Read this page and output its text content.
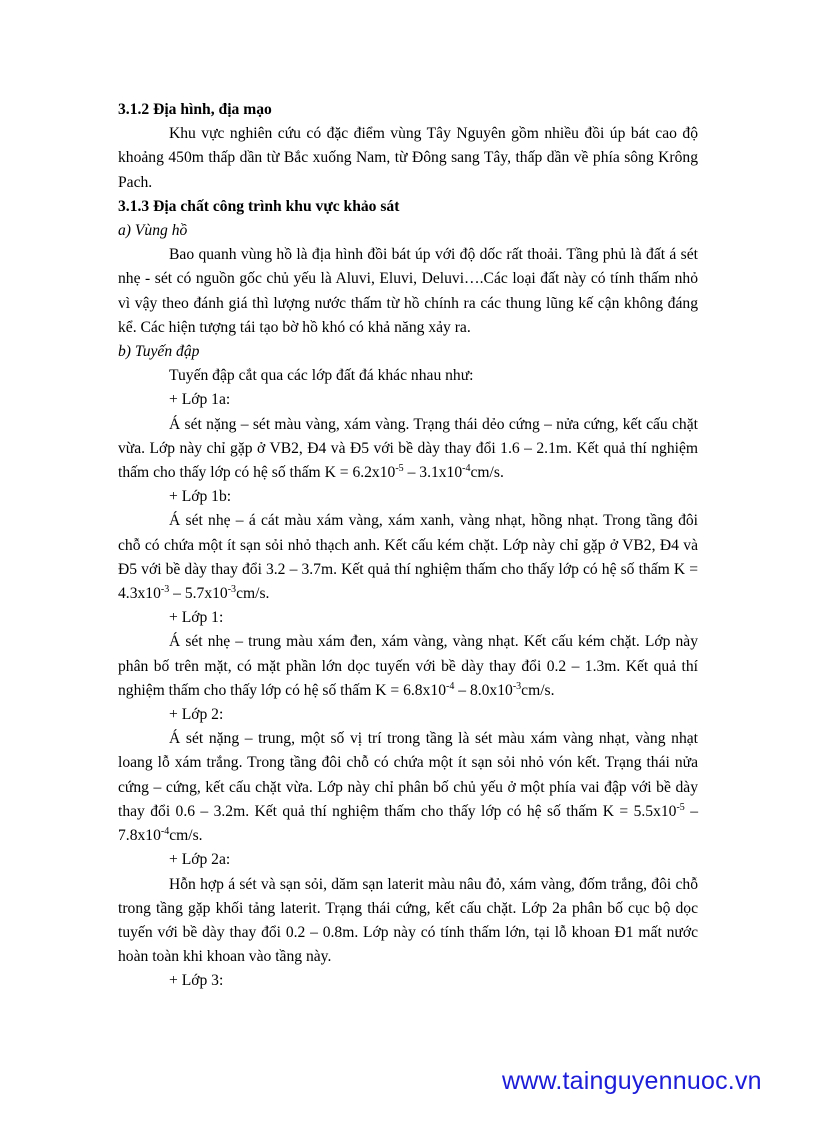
3.1.2 Địa hình, địa mạo

Khu vực nghiên cứu có đặc điểm vùng Tây Nguyên gồm nhiều đồi úp bát cao độ khoảng 450m thấp dần từ Bắc xuống Nam, từ Đông sang Tây, thấp dần về phía sông Krông Pach.

3.1.3 Địa chất công trình khu vực khảo sát

a) Vùng hồ

Bao quanh vùng hồ là địa hình đồi bát úp với độ dốc rất thoải. Tầng phủ là đất á sét nhẹ - sét có nguồn gốc chủ yếu là Aluvi, Eluvi, Deluvi….Các loại đất này có tính thấm nhỏ vì vậy theo đánh giá thì lượng nước thấm từ hồ chính ra các thung lũng kế cận không đáng kể. Các hiện tượng tái tạo bờ hồ khó có khả năng xảy ra.

b) Tuyến đập

Tuyến đập cắt qua các lớp đất đá khác nhau như:

+ Lớp 1a:

Á sét nặng – sét màu vàng, xám vàng. Trạng thái dẻo cứng – nửa cứng, kết cấu chặt vừa. Lớp này chỉ gặp ở VB2, Đ4 và Đ5 với bề dày thay đổi 1.6 – 2.1m. Kết quả thí nghiệm thấm cho thấy lớp có hệ số thấm $K = 6.2x10^{-5} - 3.1x10^{-4}cm/s$.

+ Lớp 1b:

Á sét nhẹ – á cát màu xám vàng, xám xanh, vàng nhạt, hồng nhạt. Trong tầng đôi chỗ có chứa một ít sạn sỏi nhỏ thạch anh. Kết cấu kém chặt. Lớp này chỉ gặp ở VB2, Đ4 và Đ5 với bề dày thay đổi 3.2 – 3.7m. Kết quả thí nghiệm thấm cho thấy lớp có hệ số thấm $K = 4.3x10^{-3} - 5.7x10^{-3}cm/s$.

+ Lớp 1:

Á sét nhẹ – trung màu xám đen, xám vàng, vàng nhạt. Kết cấu kém chặt. Lớp này phân bố trên mặt, có mặt phần lớn dọc tuyến với bề dày thay đổi 0.2 – 1.3m. Kết quả thí nghiệm thấm cho thấy lớp có hệ số thấm $K = 6.8x10^{-4} - 8.0x10^{-3}cm/s$.

+ Lớp 2:

Á sét nặng – trung, một số vị trí trong tầng là sét màu xám vàng nhạt, vàng nhạt loang lỗ xám trắng. Trong tầng đôi chỗ có chứa một ít sạn sỏi nhỏ vón kết. Trạng thái nửa cứng – cứng, kết cấu chặt vừa. Lớp này chỉ phân bố chủ yếu ở một phía vai đập với bề dày thay đổi 0.6 – 3.2m. Kết quả thí nghiệm thấm cho thấy lớp có hệ số thấm $K = 5.5x10^{-5} - 7.8x10^{-4}cm/s$.

+ Lớp 2a:

Hỗn hợp á sét và sạn sỏi, dăm sạn laterit màu nâu đỏ, xám vàng, đốm trắng, đôi chỗ trong tầng gặp khối tảng laterit. Trạng thái cứng, kết cấu chặt. Lớp 2a phân bố cục bộ dọc tuyến với bề dày thay đổi 0.2 – 0.8m. Lớp này có tính thấm lớn, tại lỗ khoan Đ1 mất nước hoàn toàn khi khoan vào tầng này.

+ Lớp 3:

www.tainguyennuoc.vn
